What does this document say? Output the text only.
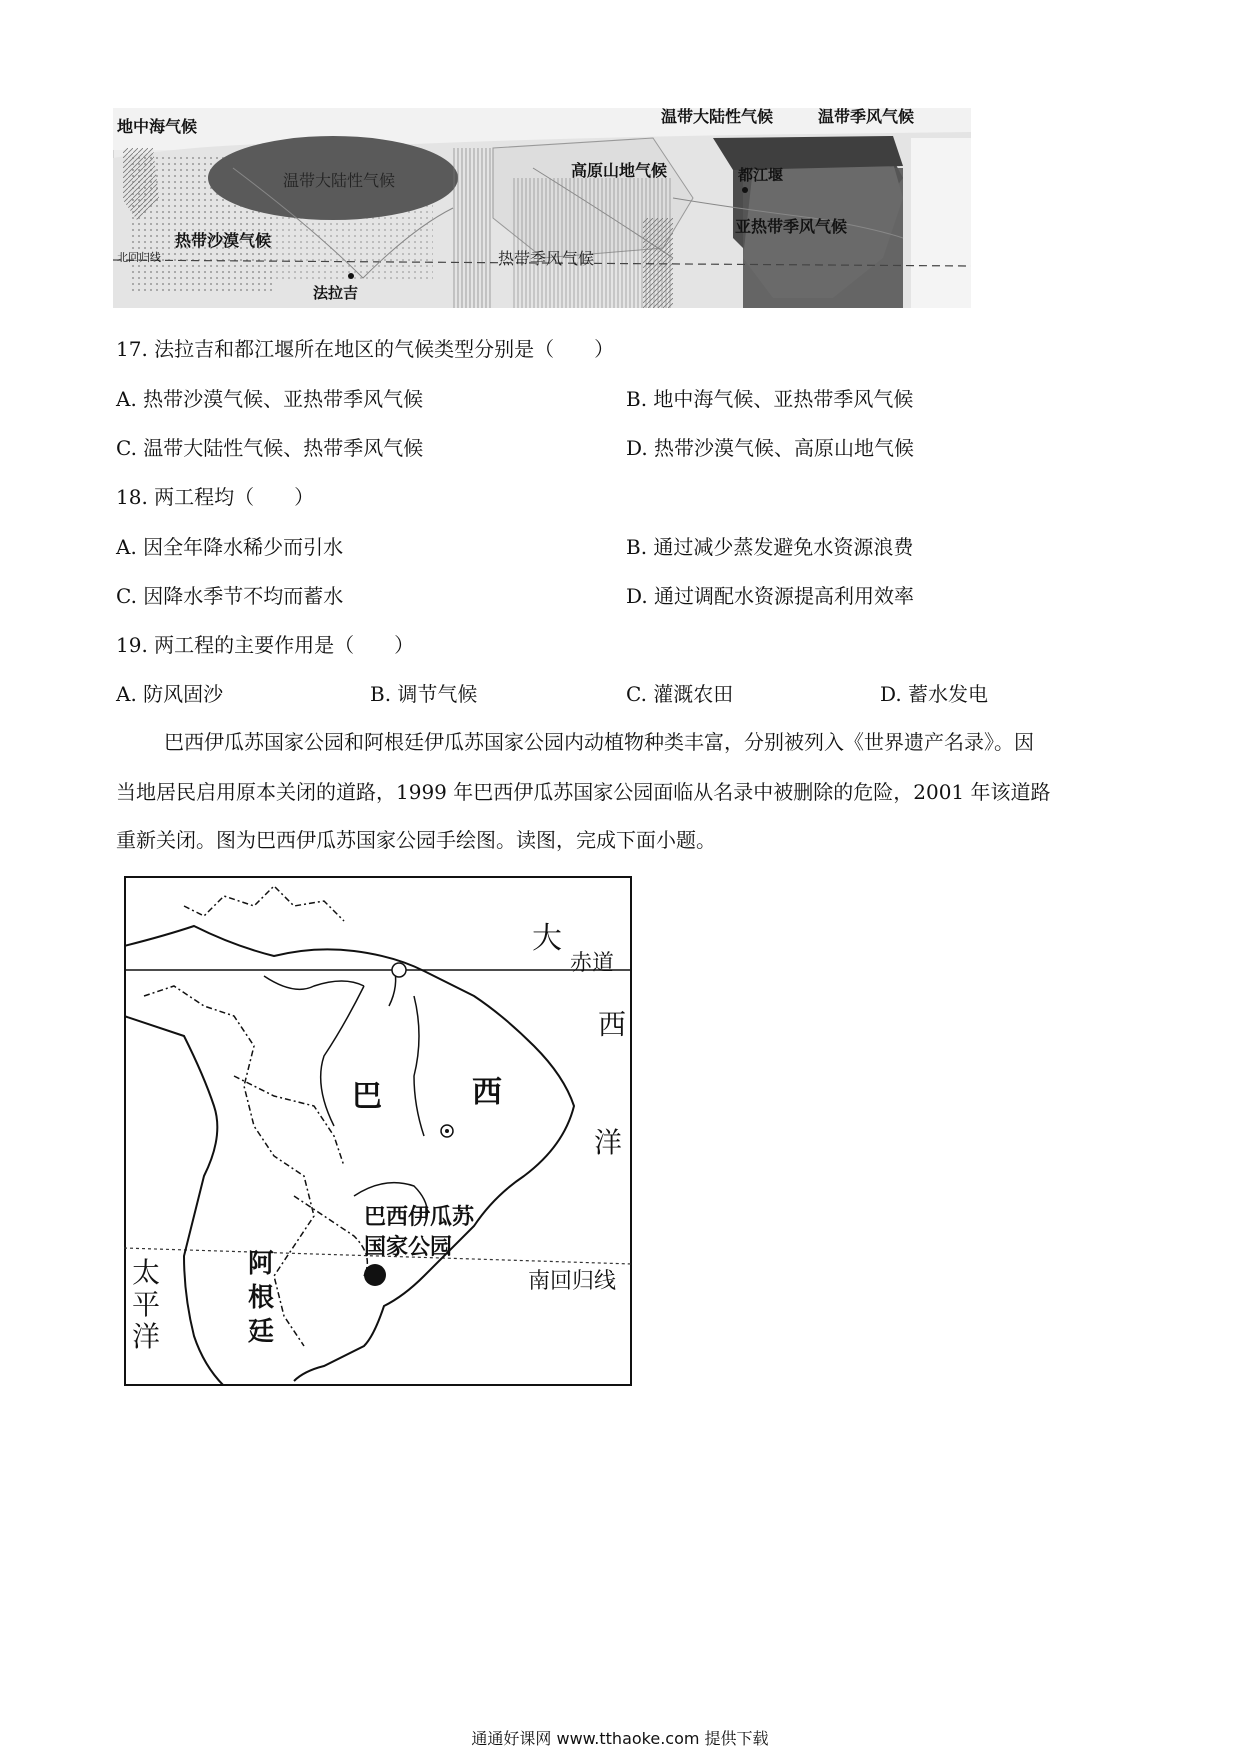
地中海气候
温带大陆性气候	温带季风气候
温带大陆性气候
高原山地气候	都江堰
亚热带季风气候
热带沙漠气候
北回归线	热带季风气候
法拉吉
17. 法拉吉和都江堰所在地区的气候类型分别是（　　）
A. 热带沙漠气候、亚热带季风气候	B. 地中海气候、亚热带季风气候
C. 温带大陆性气候、热带季风气候	D. 热带沙漠气候、高原山地气候
18. 两工程均（　　）
A. 因全年降水稀少而引水	B. 通过减少蒸发避免水资源浪费
C. 因降水季节不均而蓄水	D. 通过调配水资源提高利用效率
19. 两工程的主要作用是（　　）
A. 防风固沙	B. 调节气候	C. 灌溉农田	D. 蓄水发电
巴西伊瓜苏国家公园和阿根廷伊瓜苏国家公园内动植物种类丰富，分别被列入《世界遗产名录》。因
当地居民启用原本关闭的道路，1999 年巴西伊瓜苏国家公园面临从名录中被删除的危险，2001 年该道路
重新关闭。图为巴西伊瓜苏国家公园手绘图。读图，完成下面小题。
大
赤道
西
洋
巴	西
巴西伊瓜苏
国家公园
南回归线
太
平
洋
阿
根
廷
通通好课网 www.tthaoke.com 提供下载
